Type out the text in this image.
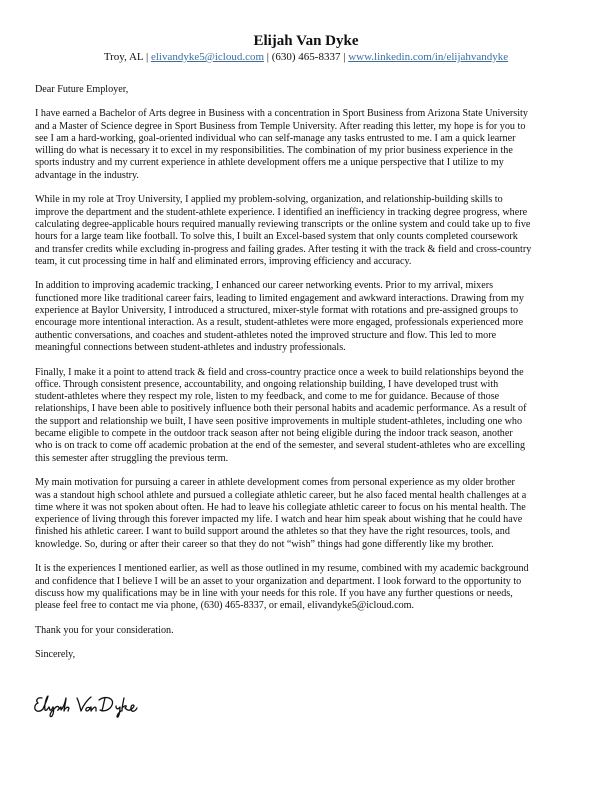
Elijah Van Dyke
Troy, AL | elivandyke5@icloud.com | (630) 465-8337 | www.linkedin.com/in/elijahvandyke

Dear Future Employer,

I have earned a Bachelor of Arts degree in Business with a concentration in Sport Business from Arizona State University
and a Master of Science degree in Sport Business from Temple University. After reading this letter, my hope is for you to
see I am a hard-working, goal-oriented individual who can self-manage any tasks entrusted to me. I am a quick learner
willing do what is necessary it to excel in my responsibilities. The combination of my prior business experience in the
sports industry and my current experience in athlete development offers me a unique perspective that I utilize to my
advantage in the industry.

While in my role at Troy University, I applied my problem-solving, organization, and relationship-building skills to
improve the department and the student-athlete experience. I identified an inefficiency in tracking degree progress, where
calculating degree-applicable hours required manually reviewing transcripts or the online system and could take up to five
hours for a large team like football. To solve this, I built an Excel-based system that only counts completed coursework
and transfer credits while excluding in-progress and failing grades. After testing it with the track & field and cross-country
team, it cut processing time in half and eliminated errors, improving efficiency and accuracy.

In addition to improving academic tracking, I enhanced our career networking events. Prior to my arrival, mixers
functioned more like traditional career fairs, leading to limited engagement and awkward interactions. Drawing from my
experience at Baylor University, I introduced a structured, mixer-style format with rotations and pre-assigned groups to
encourage more intentional interaction. As a result, student-athletes were more engaged, professionals experienced more
authentic conversations, and coaches and student-athletes noted the improved structure and flow. This led to more
meaningful connections between student-athletes and industry professionals.

Finally, I make it a point to attend track & field and cross-country practice once a week to build relationships beyond the
office. Through consistent presence, accountability, and ongoing relationship building, I have developed trust with
student-athletes where they respect my role, listen to my feedback, and come to me for guidance. Because of those
relationships, I have been able to positively influence both their personal habits and academic performance. As a result of
the support and relationship we built, I have seen positive improvements in multiple student-athletes, including one who
became eligible to compete in the outdoor track season after not being eligible during the indoor track season, another
who is on track to come off academic probation at the end of the semester, and several student-athletes who are excelling
this semester after struggling the previous term.

My main motivation for pursuing a career in athlete development comes from personal experience as my older brother
was a standout high school athlete and pursued a collegiate athletic career, but he also faced mental health challenges at a
time where it was not spoken about often. He had to leave his collegiate athletic career to focus on his mental health. The
experience of living through this forever impacted my life. I watch and hear him speak about wishing that he could have
finished his athletic career. I want to build support around the athletes so that they have the right resources, tools, and
knowledge. So, during or after their career so that they do not “wish” things had gone differently like my brother.

It is the experiences I mentioned earlier, as well as those outlined in my resume, combined with my academic background
and confidence that I believe I will be an asset to your organization and department. I look forward to the opportunity to
discuss how my qualifications may be in line with your needs for this role. If you have any further questions or needs,
please feel free to contact me via phone, (630) 465-8337, or email, elivandyke5@icloud.com.

Thank you for your consideration.

Sincerely,
